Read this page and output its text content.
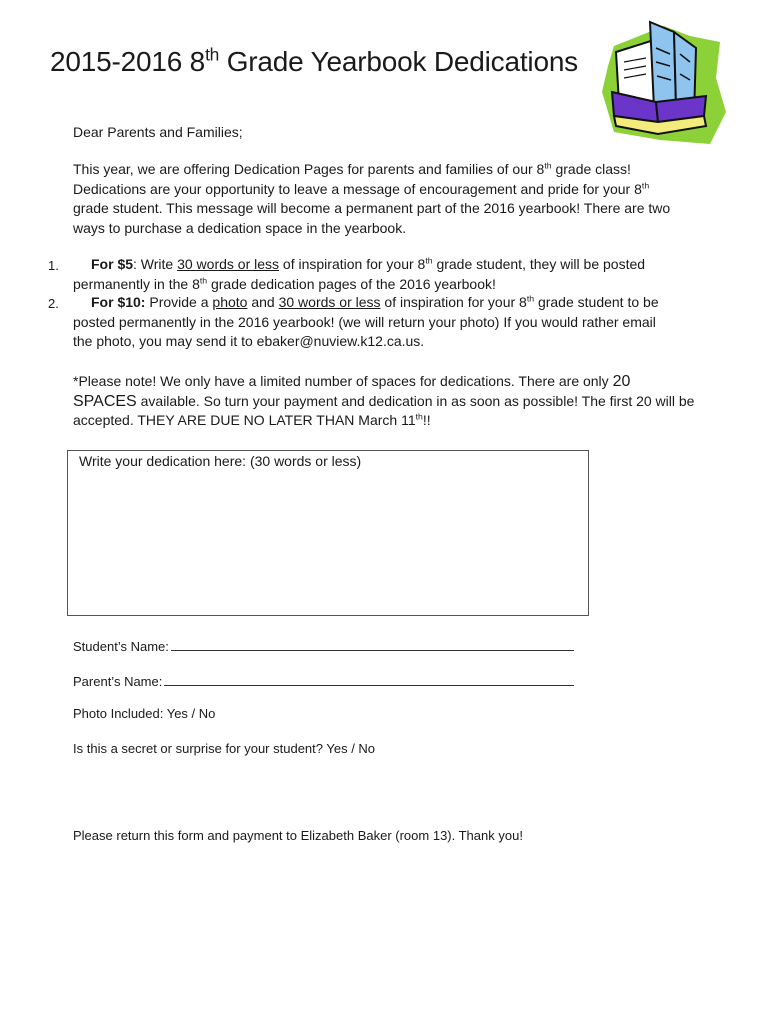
2015-2016 8th Grade Yearbook Dedications
Dear Parents and Families;
This year, we are offering Dedication Pages for parents and families of our 8th grade class!
Dedications are your opportunity to leave a message of encouragement and pride for your 8th
grade student. This message will become a permanent part of the 2016 yearbook! There are two
ways to purchase a dedication space in the yearbook.
1.	For $5: Write 30 words or less of inspiration for your 8th grade student, they will be posted
permanently in the 8th grade dedication pages of the 2016 yearbook!
2.	For $10: Provide a photo and 30 words or less of inspiration for your 8th grade student to be
posted permanently in the 2016 yearbook! (we will return your photo) If you would rather email
the photo, you may send it to ebaker@nuview.k12.ca.us.
*Please note! We only have a limited number of spaces for dedications. There are only 20
SPACES available. So turn your payment and dedication in as soon as possible! The first 20 will be
accepted. THEY ARE DUE NO LATER THAN March 11th!!
Write your dedication here: (30 words or less)
Student’s Name:
Parent’s Name:
Photo Included: Yes / No
Is this a secret or surprise for your student? Yes / No
Please return this form and payment to Elizabeth Baker (room 13). Thank you!
